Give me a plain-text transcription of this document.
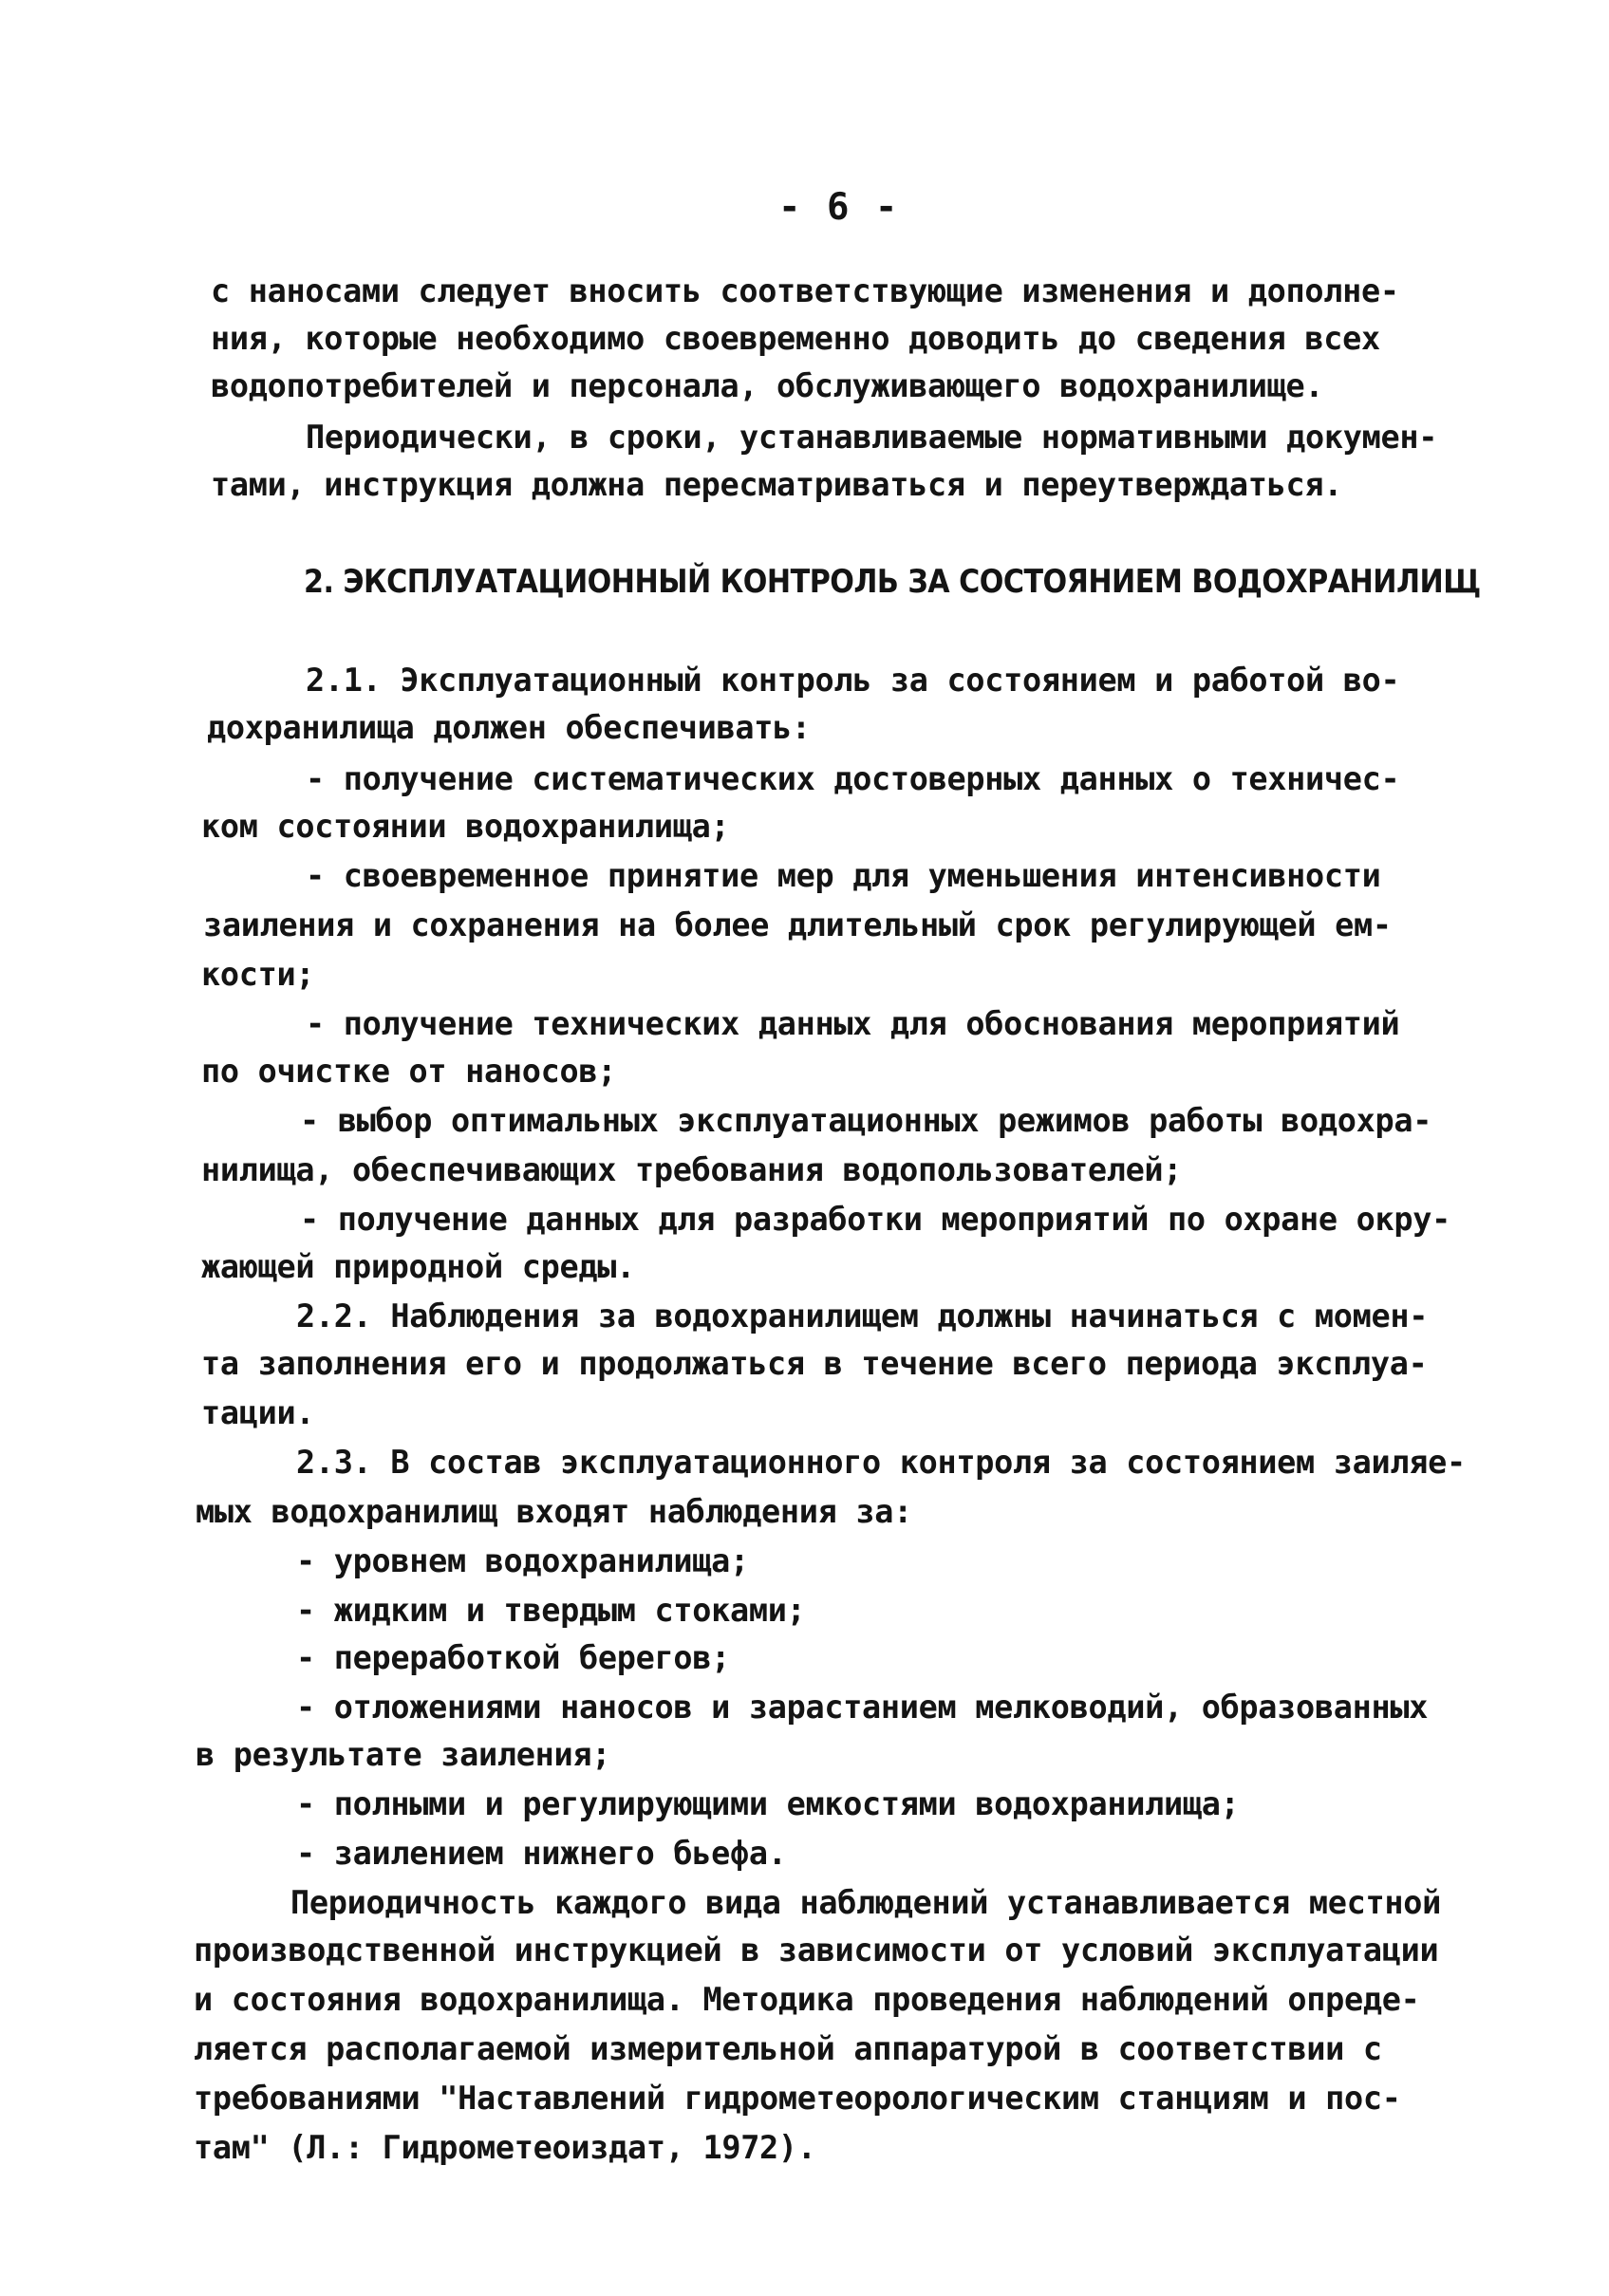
- 6 -
с наносами следует вносить соответствующие изменения и дополне-
ния, которые необходимо своевременно доводить до сведения всех
водопотребителей и персонала, обслуживающего водохранилище.
Периодически, в сроки, устанавливаемые нормативными докумен-
тами, инструкция должна пересматриваться и переутверждаться.
2. ЭКСПЛУАТАЦИОННЫЙ КОНТРОЛЬ ЗА СОСТОЯНИЕМ ВОДОХРАНИЛИЩ
2.1. Эксплуатационный контроль за состоянием и работой во-
дохранилища должен обеспечивать:
- получение систематических достоверных данных о техничес-
ком состоянии водохранилища;
- своевременное принятие мер для уменьшения интенсивности
заиления и сохранения на более длительный срок регулирующей ем-
кости;
- получение технических данных для обоснования мероприятий
по очистке от наносов;
- выбор оптимальных эксплуатационных режимов работы водохра-
нилища, обеспечивающих требования водопользователей;
- получение данных для разработки мероприятий по охране окру-
жающей природной среды.
2.2. Наблюдения за водохранилищем должны начинаться с момен-
та заполнения его и продолжаться в течение всего периода эксплуа-
тации.
2.3. В состав эксплуатационного контроля за состоянием заиляе-
мых водохранилищ входят наблюдения за:
- уровнем водохранилища;
- жидким и твердым стоками;
- переработкой берегов;
- отложениями наносов и зарастанием мелководий, образованных
в результате заиления;
- полными и регулирующими емкостями водохранилища;
- заилением нижнего бьефа.
Периодичность каждого вида наблюдений устанавливается местной
производственной инструкцией в зависимости от условий эксплуатации
и состояния водохранилища. Методика проведения наблюдений опреде-
ляется располагаемой измерительной аппаратурой в соответствии с
требованиями "Наставлений гидрометеорологическим станциям и пос-
там" (Л.: Гидрометеоиздат, 1972).
